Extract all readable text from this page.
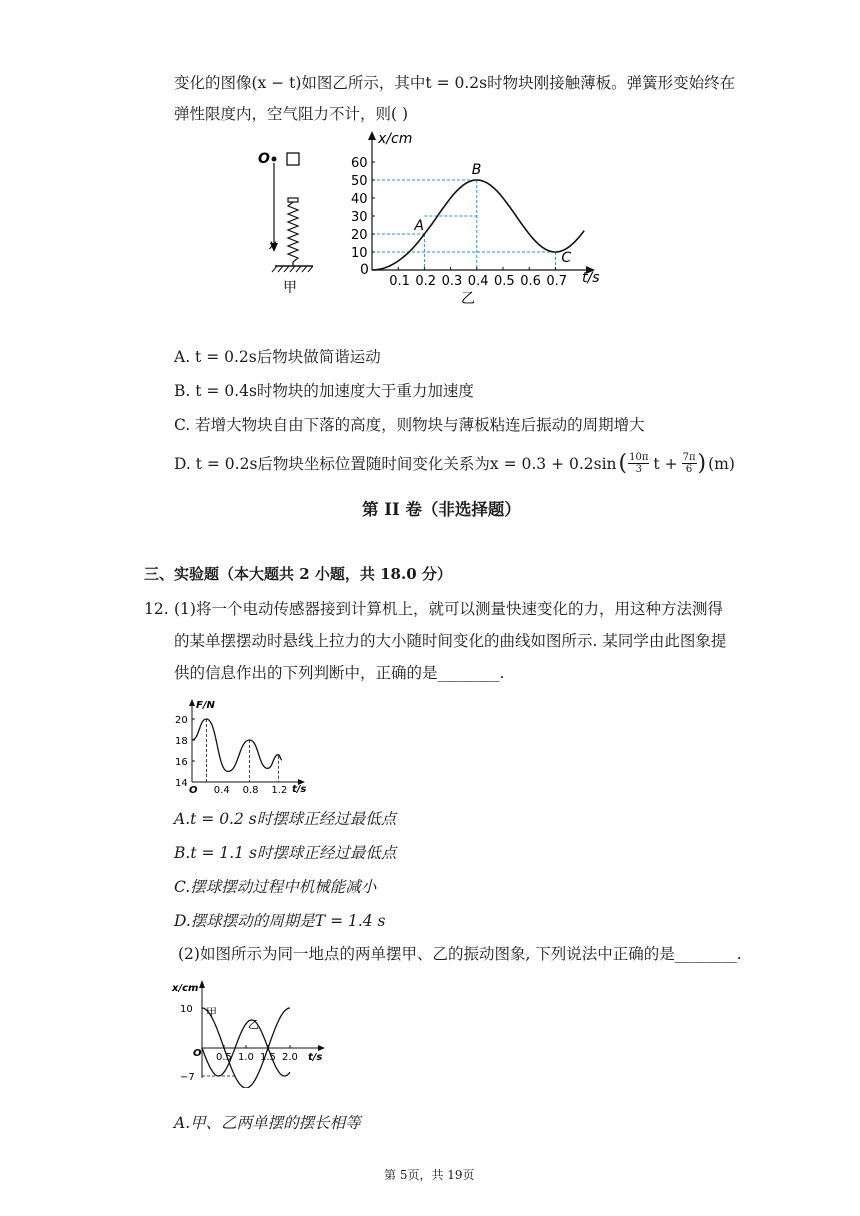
变化的图像(x − t)如图乙所示，其中t = 0.2s时物块刚接触薄板。弹簧形变始终在
弹性限度内，空气阻力不计，则( )
O
x
甲
x/cm
t/s
0
0.1 0.2 0.3 0.4 0.5 0.6 0.7
10
20
30
40
50
60
A
B
C
乙
A. t = 0.2s后物块做简谐运动
B. t = 0.4s时物块的加速度大于重力加速度
C. 若增大物块自由下落的高度，则物块与薄板粘连后振动的周期增大
D. t = 0.2s后物块坐标位置随时间变化关系为x = 0.3 + 0.2sin ( 10π
3 $t + \frac{7\pi}{6}$ ) (m)
第 II 卷（非选择题）
三、实验题（本大题共 2 小题，共 18.0 分）
12. (1)将一个电动传感器接到计算机上，就可以测量快速变化的力，用这种方法测得
的某单摆摆动时悬线上拉力的大小随时间变化的曲线如图所示. 某同学由此图象提
供的信息作出的下列判断中，正确的是________.
F/N
t/s
O 0.4 0.8 1.2
14
16
18
20
A.t = 0.2 s时摆球正经过最低点
B.t = 1.1 s时摆球正经过最低点
C.摆球摆动过程中机械能减小
D.摆球摆动的周期是T = 1.4 s
(2)如图所示为同一地点的两单摆甲、乙的振动图象, 下列说法中正确的是________.
x/cm
t/s
O 0.5 1.0 1.5 2.0
10
−7
甲
乙
A.甲、乙两单摆的摆长相等
第 5页，共 19页
